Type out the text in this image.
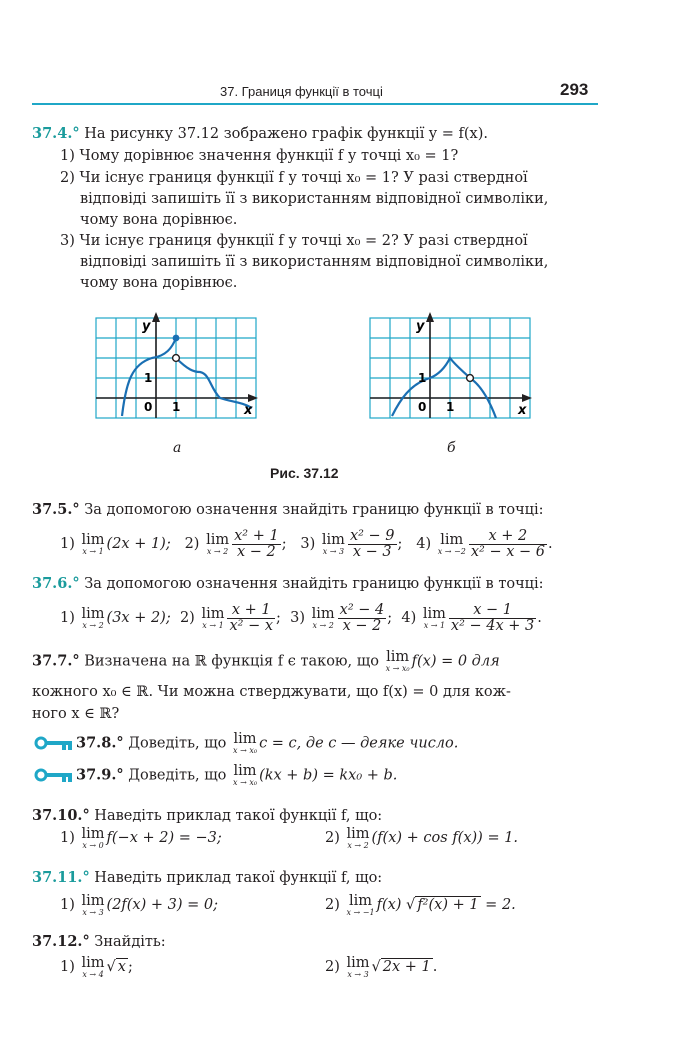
37. Границя функції в точці	293
37.4.° На рисунку 37.12 зображено графік функції y = f(x).
1) Чому дорівнює значення функції f у точці x₀ = 1?
2) Чи існує границя функції f у точці x₀ = 1? У разі ствердної
відповіді запишіть її з використанням відповідної символіки,
чому вона дорівнює.
3) Чи існує границя функції f у точці x₀ = 2? У разі ствердної
відповіді запишіть її з використанням відповідної символіки,
чому вона дорівнює.
y
x
0 1
1
а
y
x
0 1
1
б
Рис. 37.12
37.5.° За допомогою означення знайдіть границю функції в точці:
1) lim
x → 1 (2x + 1); 2) lim
$x \to 2 \frac{\text{x² + 1}}{x - 2}$ ;   3) lim
$x \to 3 \frac{\text{x² − 9}}{x - 3}$ ;   4) lim
$x \to -2 \frac{x + 2}{\text{x² − x − 6}}$ .
37.6.° За допомогою означення знайдіть границю функції в точці:
1) lim
x → 2 (3x + 2); 2) lim
$x \to 1 \frac{x + 1}{\text{x² − x}}$ ;  3) lim
$x \to 2 \frac{\text{x² − 4}}{x - 2}$ ;  4) lim
$x \to 1 \frac{x - 1}{\text{x² − 4x + 3}}$ .
37.7.° Визначена на ℝ функція f є такою, що lim
x → x₀ f(x) = 0 для
кожного x₀ ∈ ℝ. Чи можна стверджувати, що f(x) = 0 для кож-
ного x ∈ ℝ?
37.8.° Доведіть, що lim
x → x₀ c = c, де c — деяке число.
37.9.° Доведіть, що lim
x → x₀ (kx + b) = kx₀ + b.
37.10.° Наведіть приклад такої функції f, що:
1) lim
x → 0 f(−x + 2) = −3;	2) lim
x → 2 (f(x) + cos f(x)) = 1.
37.11.° Наведіть приклад такої функції f, що:
1) lim
x → 3 (2f(x) + 3) = 0;	2) lim
x → −1 f(x) √ f²(x) + 1 = 2.
37.12.° Знайдіть:
1) lim
x → 4 √ x ;	2) lim
x → 3 √ 2x + 1 .
